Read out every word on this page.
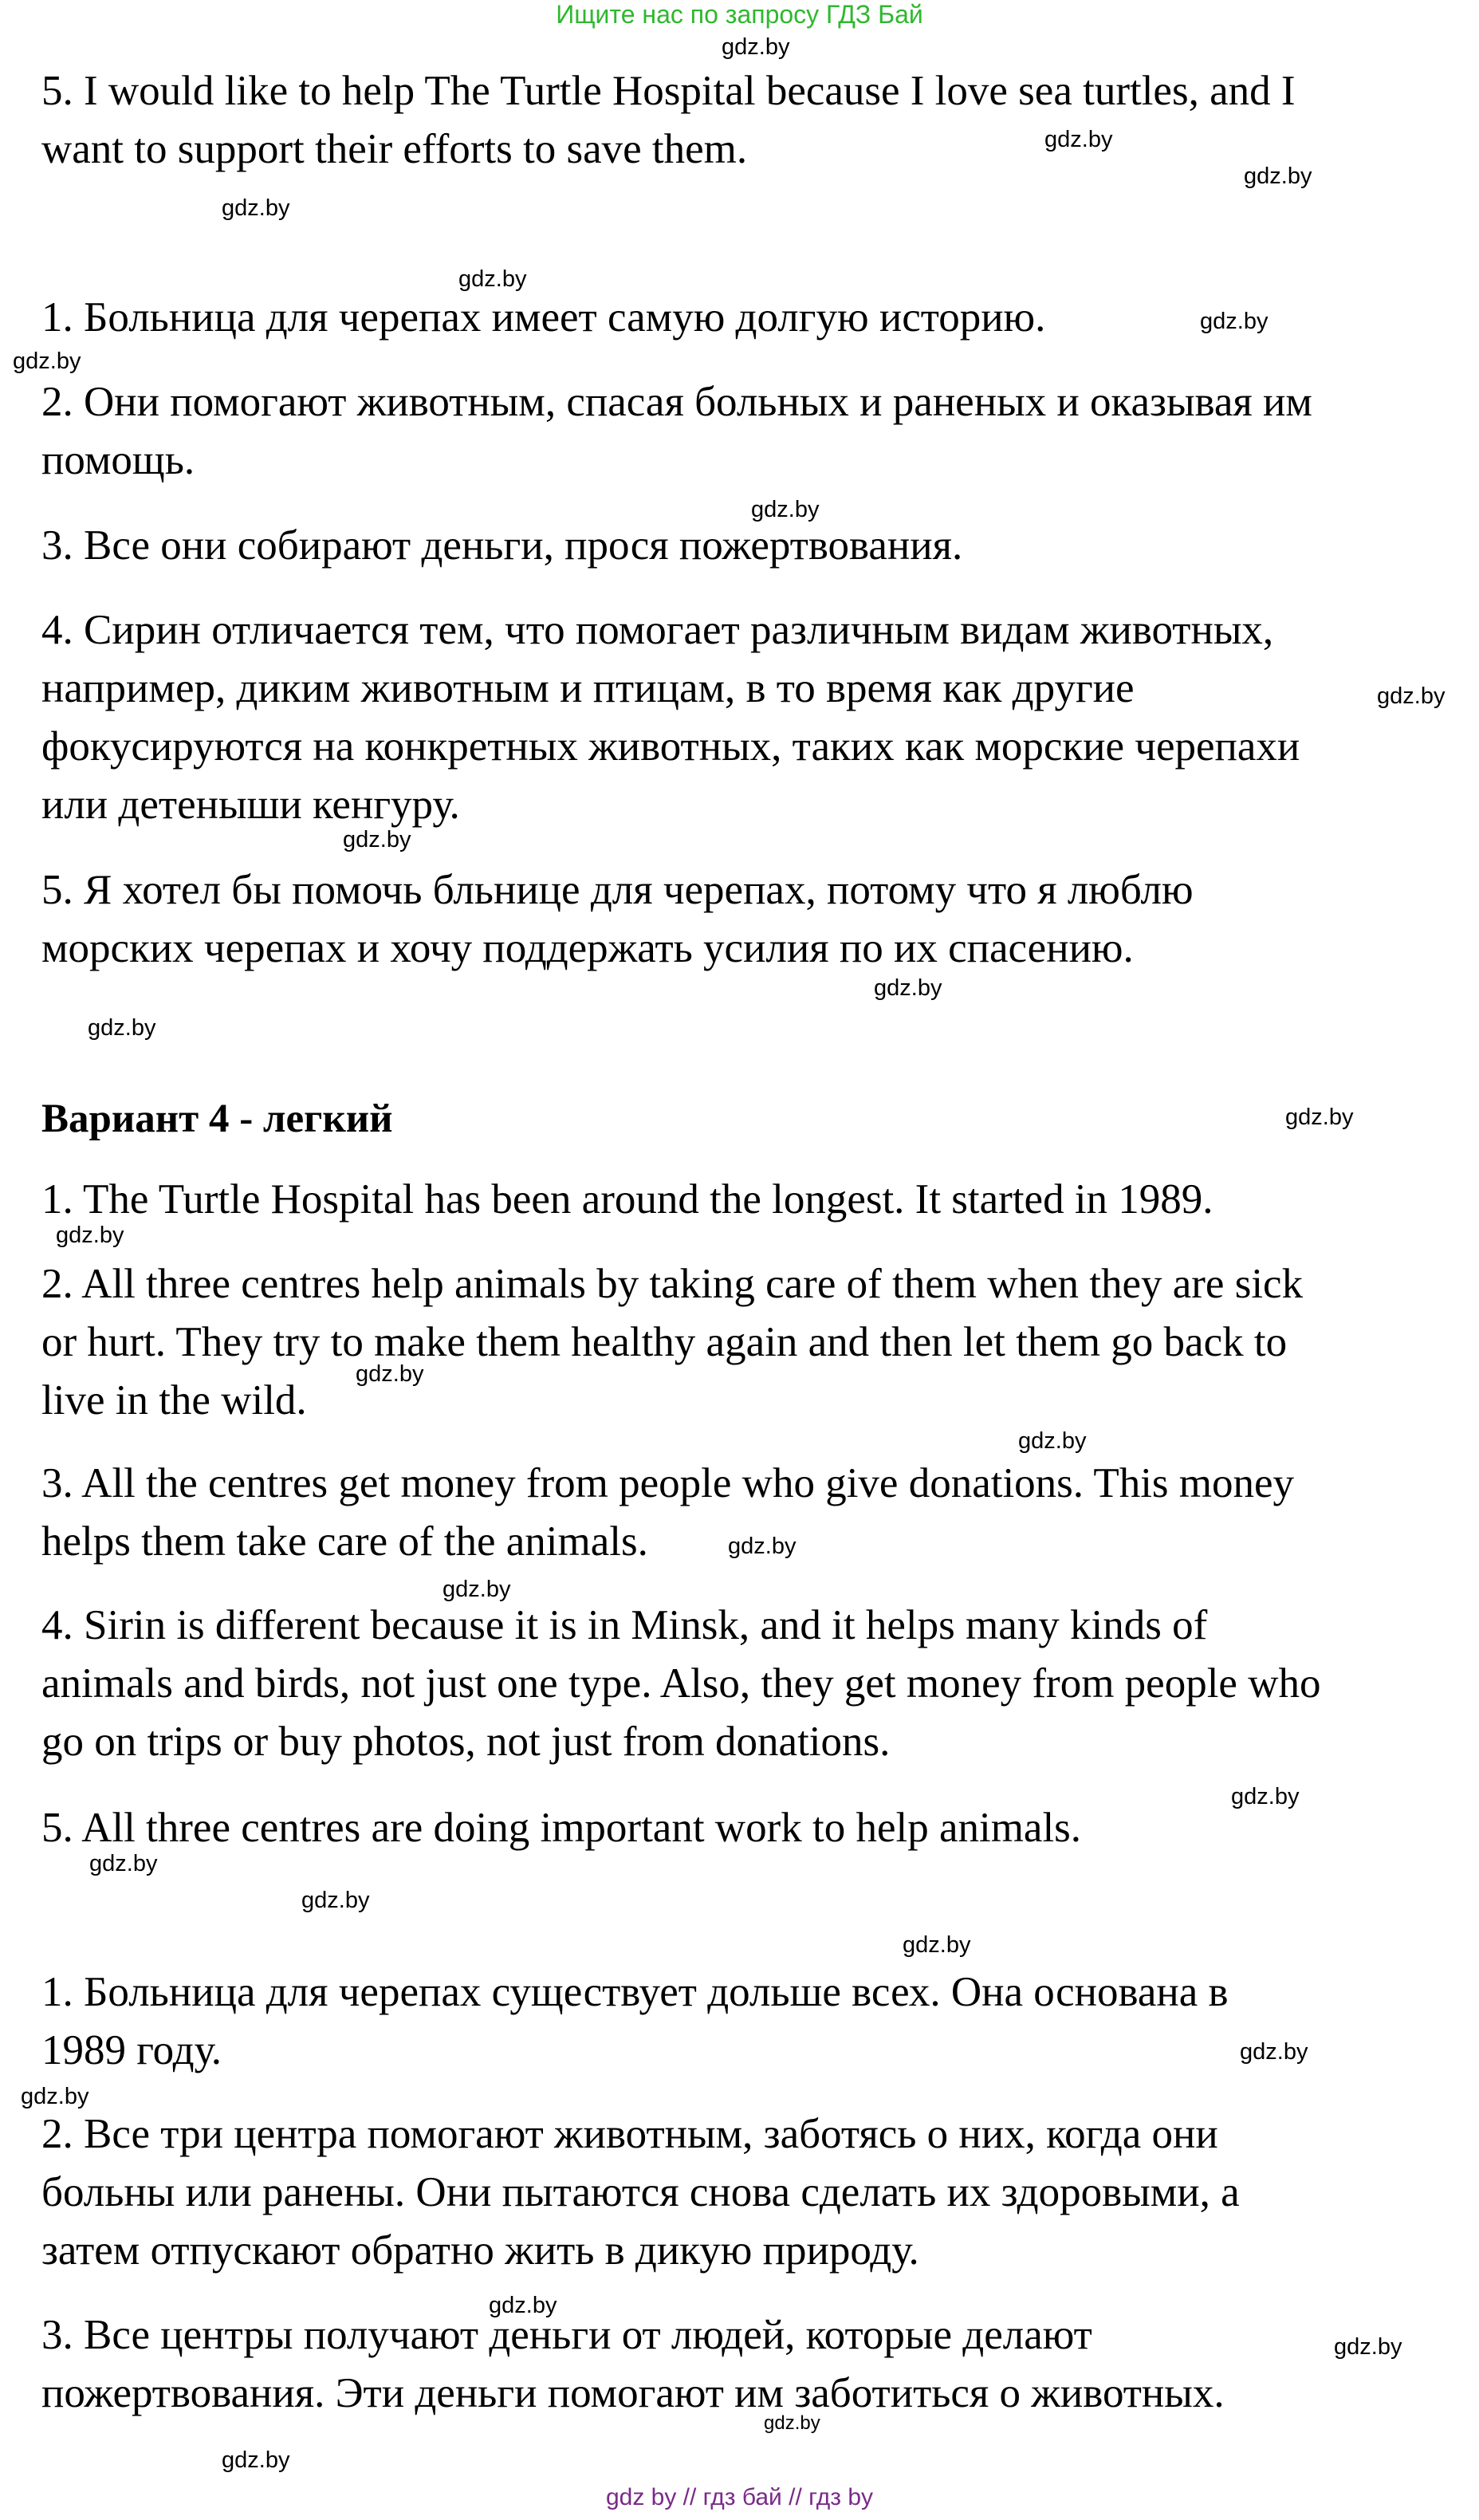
Ищите нас по запросу ГДЗ Бай

5. I would like to help The Turtle Hospital because I love sea turtles, and I
want to support their efforts to save them.

1. Больница для черепах имеет самую долгую историю.

2. Они помогают животным, спасая больных и раненых и оказывая им
помощь.

3. Все они собирают деньги, прося пожертвования.

4. Сирин отличается тем, что помогает различным видам животных,
например, диким животным и птицам, в то время как другие
фокусируются на конкретных животных, таких как морские черепахи
или детеныши кенгуру.

5. Я хотел бы помочь бльнице для черепах, потому что я люблю
морских черепах и хочу поддержать усилия по их спасению.

Вариант 4 - легкий

1. The Turtle Hospital has been around the longest. It started in 1989.

2. All three centres help animals by taking care of them when they are sick
or hurt. They try to make them healthy again and then let them go back to
live in the wild.

3. All the centres get money from people who give donations. This money
helps them take care of the animals.

4. Sirin is different because it is in Minsk, and it helps many kinds of
animals and birds, not just one type. Also, they get money from people who
go on trips or buy photos, not just from donations.

5. All three centres are doing important work to help animals.

1. Больница для черепах существует дольше всех. Она основана в
1989 году.

2. Все три центра помогают животным, заботясь о них, когда они
больны или ранены. Они пытаются снова сделать их здоровыми, а
затем отпускают обратно жить в дикую природу.

3. Все центры получают деньги от людей, которые делают
пожертвования. Эти деньги помогают им заботиться о животных.

gdz.by
gdz.by
gdz.by
gdz.by
gdz.by
gdz.by
gdz.by
gdz.by
gdz.by
gdz.by
gdz.by
gdz.by
gdz.by
gdz.by
gdz.by
gdz.by
gdz.by
gdz.by
gdz.by
gdz.by
gdz.by
gdz.by
gdz.by
gdz.by
gdz.by
gdz.by
gdz.by
gdz.by
gdz by // гдз бай // гдз by
